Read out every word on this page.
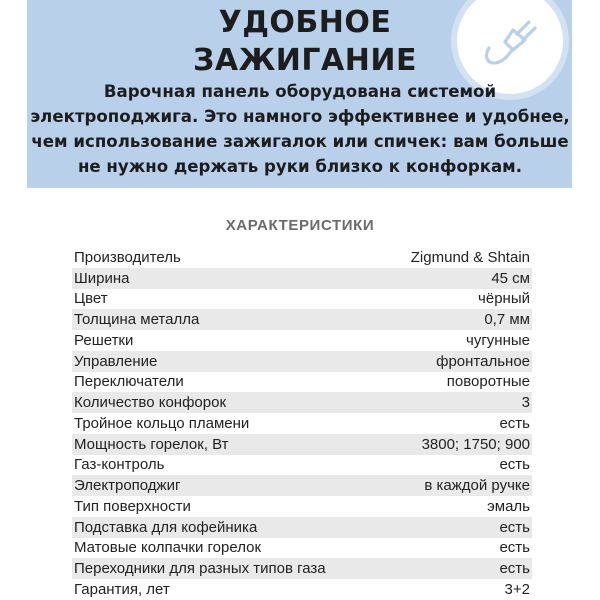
УДОБНОЕ
ЗАЖИГАНИЕ
Варочная панель оборудована системой электроподжига. Это намного эффективнее и удобнее, чем использование зажигалок или спичек: вам больше не нужно держать руки близко к конфоркам.
ХАРАКТЕРИСТИКИ
Производитель	Zigmund & Shtain
Ширина	45 см
Цвет	чёрный
Толщина металла	0,7 мм
Решетки	чугунные
Управление	фронтальное
Переключатели	поворотные
Количество конфорок	3
Тройное кольцо пламени	есть
Мощность горелок, Вт	3800; 1750; 900
Газ-контроль	есть
Электроподжиг	в каждой ручке
Тип поверхности	эмаль
Подставка для кофейника	есть
Матовые колпачки горелок	есть
Переходники для разных типов газа	есть
Гарантия, лет	3+2
